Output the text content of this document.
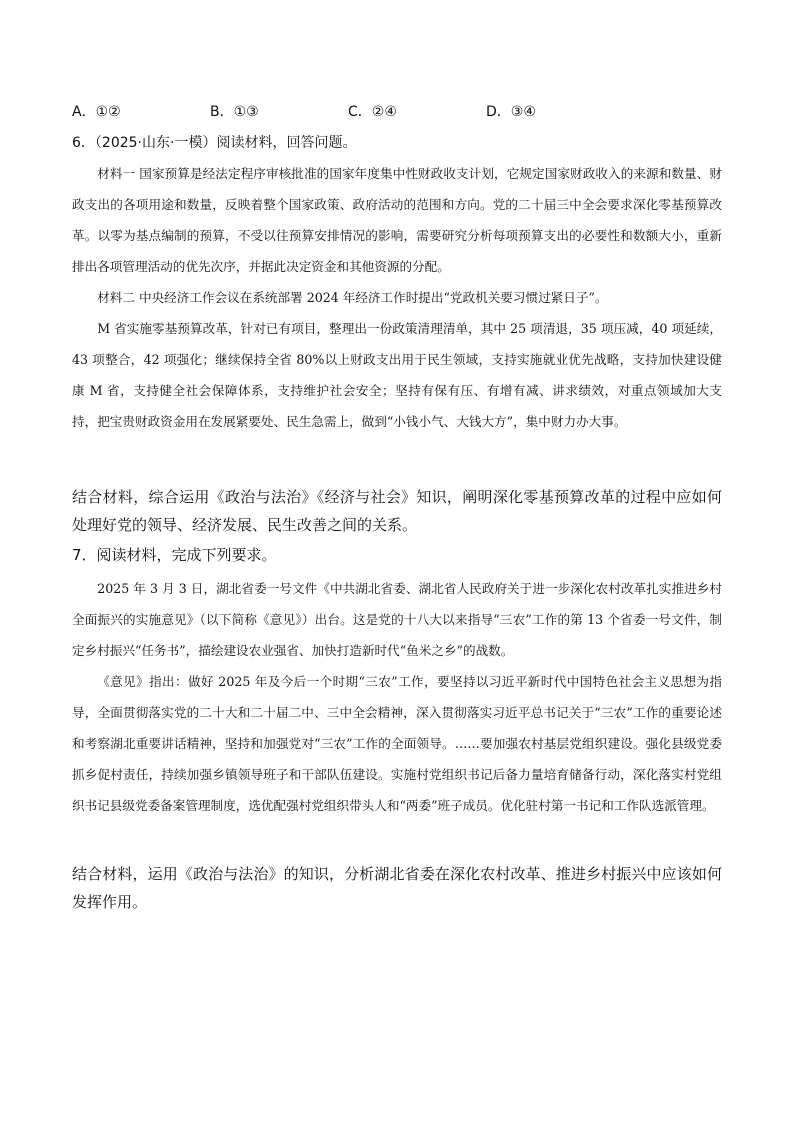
A．①②	B．①③	C．②④	D．③④
6．（2025·山东·一模）阅读材料，回答问题。

材料一 国家预算是经法定程序审核批准的国家年度集中性财政收支计划，它规定国家财政收入的来源和数量、财政支出的各项用途和数量，反映着整个国家政策、政府活动的范围和方向。党的二十届三中全会要求深化零基预算改革。以零为基点编制的预算，不受以往预算安排情况的影响，需要研究分析每项预算支出的必要性和数额大小，重新排出各项管理活动的优先次序，并据此决定资金和其他资源的分配。

材料二 中央经济工作会议在系统部署 2024 年经济工作时提出“党政机关要习惯过紧日子”。

M 省实施零基预算改革，针对已有项目，整理出一份政策清理清单，其中 25 项清退，35 项压减，40 项延续，43 项整合，42 项强化；继续保持全省 80%以上财政支出用于民生领域，支持实施就业优先战略，支持加快建设健康 M 省，支持健全社会保障体系，支持维护社会安全；坚持有保有压、有增有减、讲求绩效，对重点领域加大支持，把宝贵财政资金用在发展紧要处、民生急需上，做到“小钱小气、大钱大方”，集中财力办大事。

结合材料，综合运用《政治与法治》《经济与社会》知识，阐明深化零基预算改革的过程中应如何处理好党的领导、经济发展、民生改善之间的关系。

7．阅读材料，完成下列要求。

2025 年 3 月 3 日，湖北省委一号文件《中共湖北省委、湖北省人民政府关于进一步深化农村改革扎实推进乡村全面振兴的实施意见》（以下简称《意见》）出台。这是党的十八大以来指导“三农”工作的第 13 个省委一号文件，制定乡村振兴“任务书”，描绘建设农业强省、加快打造新时代“鱼米之乡”的战数。

《意见》指出：做好 2025 年及今后一个时期“三农”工作，要坚持以习近平新时代中国特色社会主义思想为指导，全面贯彻落实党的二十大和二十届二中、三中全会精神，深入贯彻落实习近平总书记关于“三农”工作的重要论述和考察湖北重要讲话精神，坚持和加强党对“三农”工作的全面领导。……要加强农村基层党组织建设。强化县级党委抓乡促村责任，持续加强乡镇领导班子和干部队伍建设。实施村党组织书记后备力量培育储备行动，深化落实村党组织书记县级党委备案管理制度，选优配强村党组织带头人和“两委”班子成员。优化驻村第一书记和工作队选派管理。

结合材料，运用《政治与法治》的知识，分析湖北省委在深化农村改革、推进乡村振兴中应该如何发挥作用。
